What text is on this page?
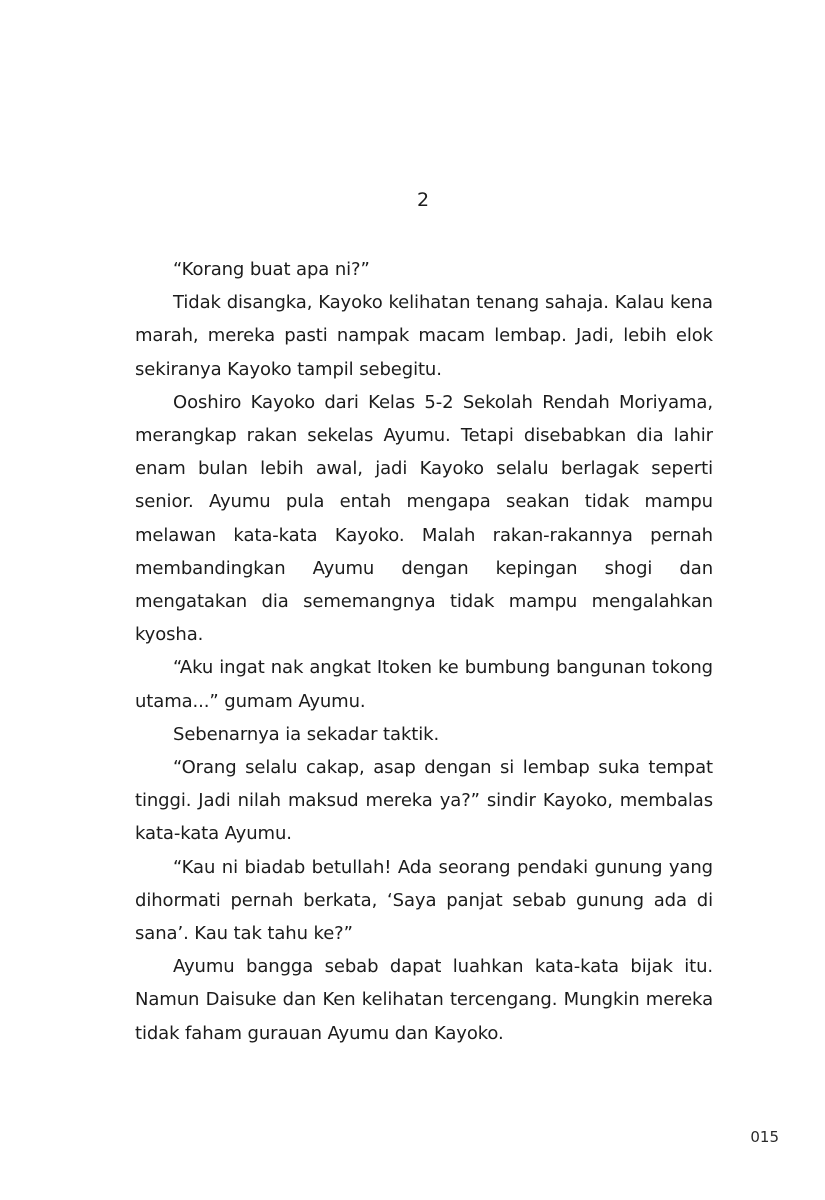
2

“Korang buat apa ni?”

Tidak disangka, Kayoko kelihatan tenang sahaja. Kalau kena marah, mereka pasti nampak macam lembap. Jadi, lebih elok sekiranya Kayoko tampil sebegitu.

Ooshiro Kayoko dari Kelas 5-2 Sekolah Rendah Moriyama, merangkap rakan sekelas Ayumu. Tetapi disebabkan dia lahir enam bulan lebih awal, jadi Kayoko selalu berlagak seperti senior. Ayumu pula entah mengapa seakan tidak mampu melawan kata-kata Kayoko. Malah rakan-rakannya pernah membandingkan Ayumu dengan kepingan shogi dan mengatakan dia sememangnya tidak mampu mengalahkan kyosha.

“Aku ingat nak angkat Itoken ke bumbung bangunan tokong utama...” gumam Ayumu.

Sebenarnya ia sekadar taktik.

“Orang selalu cakap, asap dengan si lembap suka tempat tinggi. Jadi nilah maksud mereka ya?” sindir Kayoko, membalas kata-kata Ayumu.

“Kau ni biadab betullah! Ada seorang pendaki gunung yang dihormati pernah berkata, ‘Saya panjat sebab gunung ada di sana’. Kau tak tahu ke?”

Ayumu bangga sebab dapat luahkan kata-kata bijak itu. Namun Daisuke dan Ken kelihatan tercengang. Mungkin mereka tidak faham gurauan Ayumu dan Kayoko.

015
